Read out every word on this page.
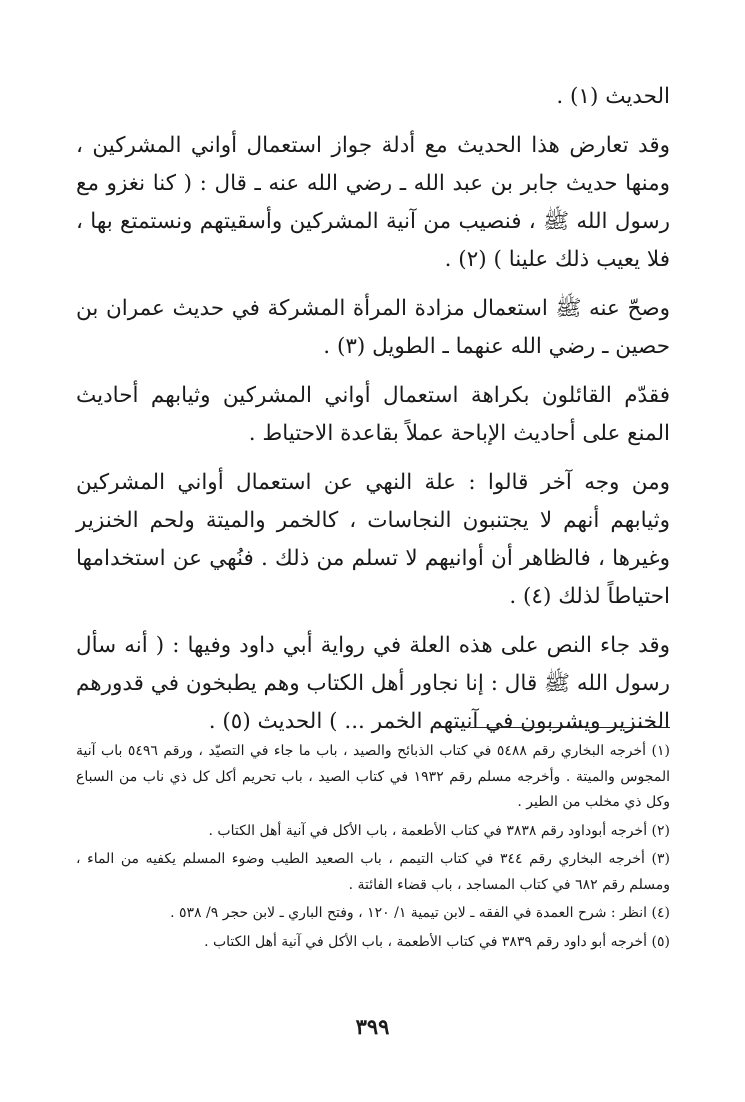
الحديث (١) .

وقد تعارض هذا الحديث مع أدلة جواز استعمال أواني المشركين ، ومنها حديث جابر بن عبد الله ـ رضي الله عنه ـ قال : ( كنا نغزو مع رسول الله ﷺ ، فنصيب من آنية المشركين وأسقيتهم ونستمتع بها ، فلا يعيب ذلك علينا ) (٢) .

وصحّ عنه ﷺ استعمال مزادة المرأة المشركة في حديث عمران بن حصين ـ رضي الله عنهما ـ الطويل (٣) .

فقدّم القائلون بكراهة استعمال أواني المشركين وثيابهم أحاديث المنع على أحاديث الإباحة عملاً بقاعدة الاحتياط .

ومن وجه آخر قالوا : علة النهي عن استعمال أواني المشركين وثيابهم أنهم لا يجتنبون النجاسات ، كالخمر والميتة ولحم الخنزير وغيرها ، فالظاهر أن أوانيهم لا تسلم من ذلك . فنُهي عن استخدامها احتياطاً لذلك (٤) .

وقد جاء النص على هذه العلة في رواية أبي داود وفيها : ( أنه سأل رسول الله ﷺ قال : إنا نجاور أهل الكتاب وهم يطبخون في قدورهم الخنزير ويشربون في آنيتهم الخمر ... ) الحديث (٥) .

(١) أخرجه البخاري رقم ٥٤٨٨ في كتاب الذبائح والصيد ، باب ما جاء في التصيّد ، ورقم ٥٤٩٦ باب آنية المجوس والميتة . وأخرجه مسلم رقم ١٩٣٢ في كتاب الصيد ، باب تحريم أكل كل ذي ناب من السباع وكل ذي مخلب من الطير .

(٢) أخرجه أبوداود رقم ٣٨٣٨ في كتاب الأطعمة ، باب الأكل في آنية أهل الكتاب .

(٣) أخرجه البخاري رقم ٣٤٤ في كتاب التيمم ، باب الصعيد الطيب وضوء المسلم يكفيه من الماء ، ومسلم رقم ٦٨٢ في كتاب المساجد ، باب قضاء الفائتة .

(٤) انظر : شرح العمدة في الفقه ـ لابن تيمية ١/ ١٢٠ ، وفتح الباري ـ لابن حجر ٩/ ٥٣٨ .

(٥) أخرجه أبو داود رقم ٣٨٣٩ في كتاب الأطعمة ، باب الأكل في آنية أهل الكتاب .

٣٩٩
